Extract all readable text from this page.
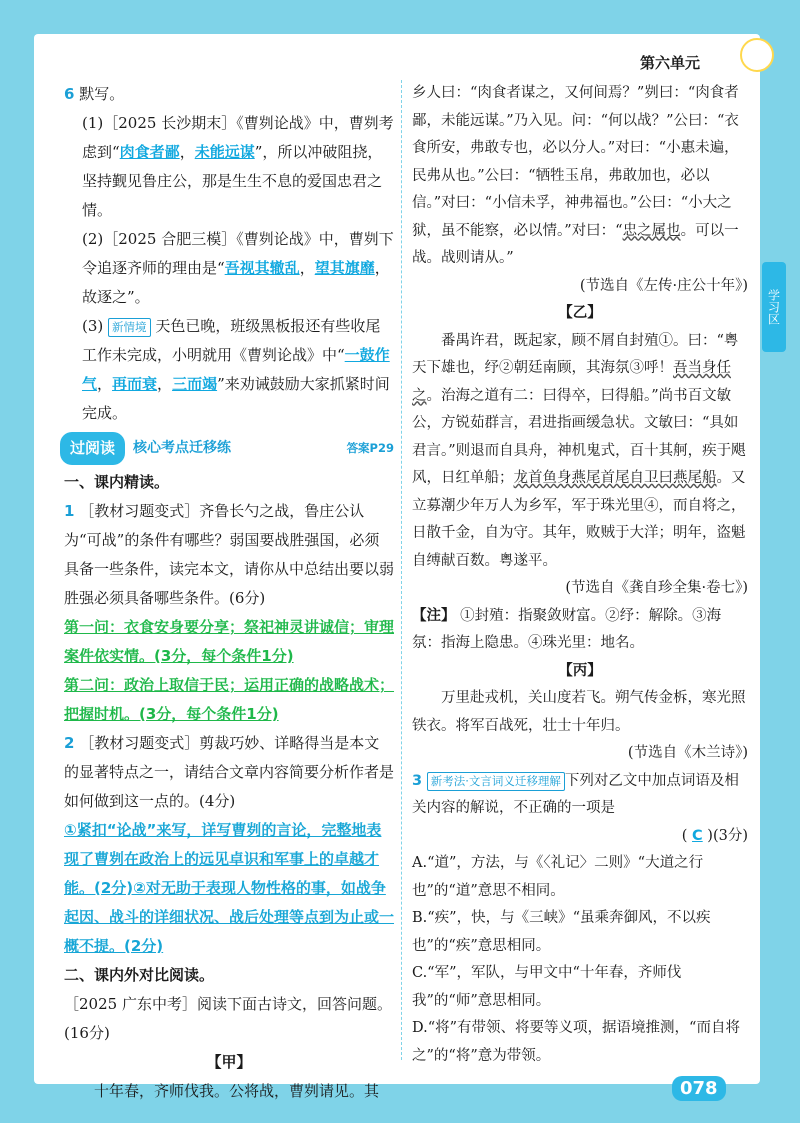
第六单元
学习区

6 默写。

(1)［2025 长沙期末］《曹刿论战》中，曹刿考虑到“肉食者鄙，未能远谋”，所以冲破阻挠，坚持觐见鲁庄公，那是生生不息的爱国忠君之情。

(2)［2025 合肥三模］《曹刿论战》中，曹刿下令追逐齐师的理由是“吾视其辙乱，望其旗靡，故逐之”。

(3) 新情境 天色已晚，班级黑板报还有些收尾工作未完成，小明就用《曹刿论战》中“一鼓作气，再而衰，三而竭”来劝诫鼓励大家抓紧时间完成。

过阅读	核心考点迁移练	答案P29

一、课内精读。

1 ［教材习题变式］齐鲁长勺之战，鲁庄公认为“可战”的条件有哪些？弱国要战胜强国，必须具备一些条件，读完本文，请你从中总结出要以弱胜强必须具备哪些条件。(6分)

第一问：衣食安身要分享；祭祀神灵讲诚信；审理案件依实情。(3分，每个条件1分)

第二问：政治上取信于民；运用正确的战略战术；把握时机。(3分，每个条件1分)

2 ［教材习题变式］剪裁巧妙、详略得当是本文的显著特点之一，请结合文章内容简要分析作者是如何做到这一点的。(4分)

①紧扣“论战”来写，详写曹刿的言论，完整地表现了曹刿在政治上的远见卓识和军事上的卓越才能。(2分)②对无助于表现人物性格的事，如战争起因、战斗的详细状况、战后处理等点到为止或一概不提。(2分)

二、课内外对比阅读。

［2025 广东中考］阅读下面古诗文，回答问题。(16分)

【甲】

十年春，齐师伐我。公将战，曹刿请见。其

乡人曰：“肉食者谋之，又何间焉？”刿曰：“肉食者鄙，未能远谋。”乃入见。问：“何以战？”公曰：“衣食所安，弗敢专也，必以分人。”对曰：“小惠未遍，民弗从也。”公曰：“牺牲玉帛，弗敢加也，必以信。”对曰：“小信未孚，神弗福也。”公曰：“小大之狱，虽不能察，必以情。”对曰：“忠之属也。可以一战。战则请从。”

(节选自《左传·庄公十年》)

【乙】

番禺许君，既起家，顾不屑自封殖①。曰：“粤天下雄也，纾②朝廷南顾，其海氛③呼！吾当身任之。治海之道有二：曰得卒，曰得船。”尚书百文敏公，方锐茹群言，君进指画缓急状。文敏曰：“具如君言。”则退而自具舟，神机鬼式，百十其舸，疾于飓风，日红单船；龙首鱼身燕尾首尾自卫曰燕尾船。又立募潮少年万人为乡军，军于珠光里④，而自将之，日散千金，自为守。其年，败贼于大洋；明年，盗魁自缚献百数。粤遂平。

(节选自《龚自珍全集·卷七》)

【注】 ①封殖：指聚敛财富。②纾：解除。③海氛：指海上隐患。④珠光里：地名。

【丙】

万里赴戎机，关山度若飞。朔气传金柝，寒光照铁衣。将军百战死，壮士十年归。

(节选自《木兰诗》)

3 新考法·文言词义迁移理解 下列对乙文中加点词语及相关内容的解说，不正确的一项是

( C )(3分)

A.“道”，方法，与《〈礼记〉二则》“大道之行也”的“道”意思不相同。

B.“疾”，快，与《三峡》“虽乘奔御风，不以疾也”的“疾”意思相同。

C.“军”，军队，与甲文中“十年春，齐师伐我”的“师”意思相同。

D.“将”有带领、将要等义项，据语境推测，“而自将之”的“将”意为带领。

078
